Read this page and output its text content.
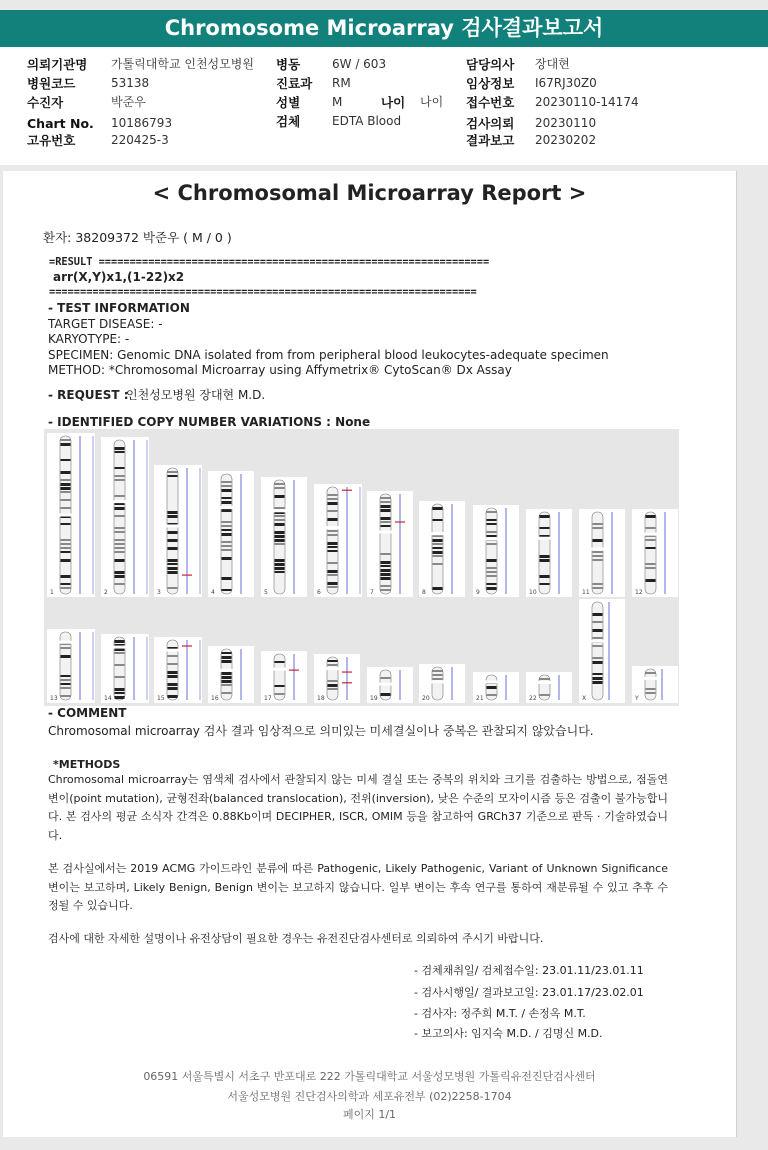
Chromosome Microarray 검사결과보고서
의뢰기관명 가톨릭대학교 인천성모병원
병원코드	53138
수진자	박준우
Chart No. 10186793
고유번호	220425-3
병동	6W / 603
진료과 RM
성별	M	나이 나이
검체	EDTA Blood
담당의사 장대현
임상정보 I67RJ30Z0
접수번호 20230110-14174
검사의뢰 20230110
결과보고 20230202
< Chromosomal Microarray Report >
환자: 38209372 박준우 ( M / 0 )
=RESULT ===============================================================
arr(X,Y)x1,(1-22)x2
=====================================================================
- TEST INFORMATION
TARGET DISEASE: -
KARYOTYPE: -
SPECIMEN: Genomic DNA isolated from from peripheral blood leukocytes-adequate specimen
METHOD: *Chromosomal Microarray using Affymetrix® CytoScan® Dx Assay
- REQUEST :
인천성모병원 장대현 M.D.
- IDENTIFIED COPY NUMBER VARIATIONS : None
1	2	3	4	5	6	7	8	9	10	11	12
13	14	15	16	17	18	19	20	21	22	X	Y
- COMMENT
Chromosomal microarray 검사 결과 임상적으로 의미있는 미세결실이나 중복은 관찰되지 않았습니다.
*METHODS
Chromosomal microarray는 염색체 검사에서 관찰되지 않는 미세 결실 또는 중복의 위치와 크기를 검출하는 방법으로, 점돌연변이(point mutation), 균형전좌(balanced translocation), 전위(inversion), 낮은 수준의 모자이시즘 등은 검출이 불가능합니다. 본 검사의 평균 소식자 간격은 0.88Kb이며 DECIPHER, ISCR, OMIM 등을 참고하여 GRCh37 기준으로 판독 · 기술하였습니다.
본 검사실에서는 2019 ACMG 가이드라인 분류에 따른 Pathogenic, Likely Pathogenic, Variant of Unknown Significance 변이는 보고하며, Likely Benign, Benign 변이는 보고하지 않습니다. 일부 변이는 후속 연구를 통하여 재분류될 수 있고 추후 수정될 수 있습니다.
검사에 대한 자세한 설명이나 유전상담이 필요한 경우는 유전진단검사센터로 의뢰하여 주시기 바랍니다.
- 검체채취일/ 검체접수일: 23.01.11/23.01.11
- 검사시행일/ 결과보고일: 23.01.17/23.02.01
- 검사자: 정주희 M.T. / 손정옥 M.T.
- 보고의사: 임지숙 M.D. / 김명신 M.D.
06591 서울특별시 서초구 반포대로 222 가톨릭대학교 서울성모병원 가톨릭유전진단검사센터
서울성모병원 진단검사의학과 세포유전부 (02)2258-1704
페이지 1/1
